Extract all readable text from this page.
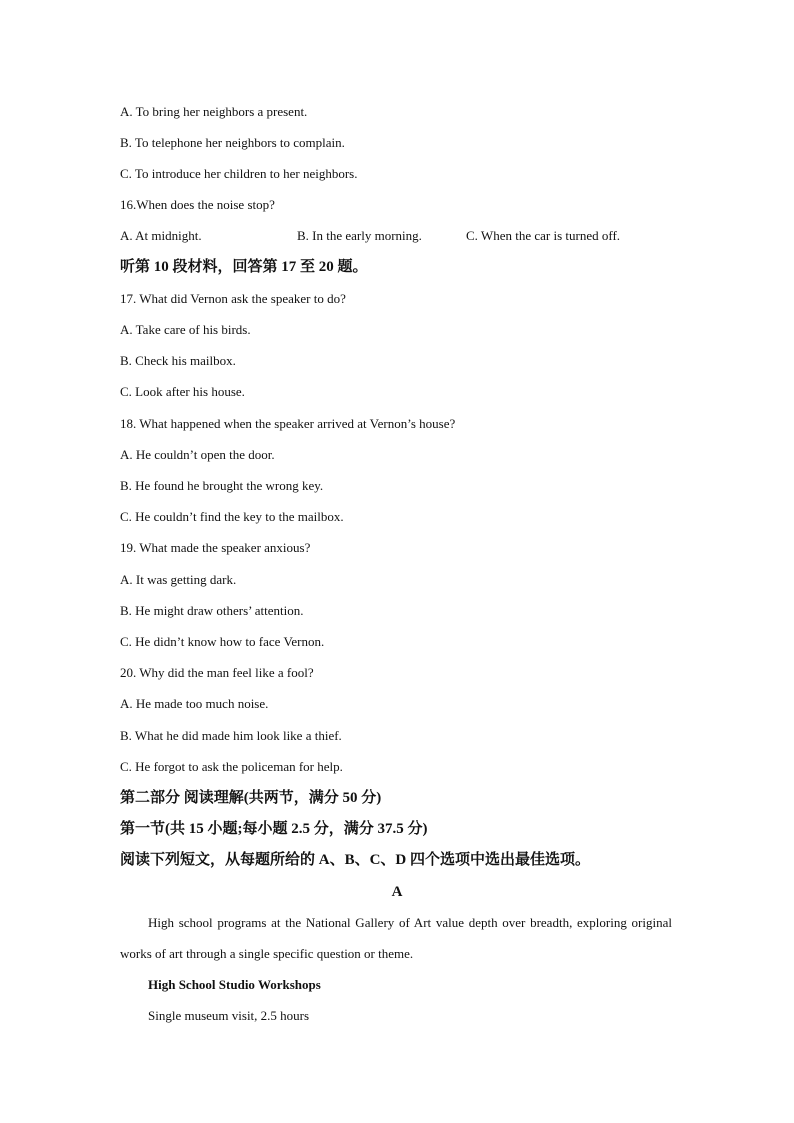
A. To bring her neighbors a present.

B. To telephone her neighbors to complain.

C. To introduce her children to her neighbors.

16.When does the noise stop?

A. At midnight.	B. In the early morning.	C. When the car is turned off.

听第 10 段材料，回答第 17 至 20 题。

17. What did Vernon ask the speaker to do?

A. Take care of his birds.

B. Check his mailbox.

C. Look after his house.

18. What happened when the speaker arrived at Vernon’s house?

A. He couldn’t open the door.

B. He found he brought the wrong key.

C. He couldn’t find the key to the mailbox.

19. What made the speaker anxious?

A. It was getting dark.

B. He might draw others’ attention.

C. He didn’t know how to face Vernon.

20. Why did the man feel like a fool?

A. He made too much noise.

B. What he did made him look like a thief.

C. He forgot to ask the policeman for help.

第二部分 阅读理解(共两节，满分 50 分)

第一节(共 15 小题;每小题 2.5 分，满分 37.5 分)

阅读下列短文，从每题所给的 A、B、C、D 四个选项中选出最佳选项。

A

High school programs at the National Gallery of Art value depth over breadth, exploring original works of art through a single specific question or theme.

High School Studio Workshops

Single museum visit, 2.5 hours
